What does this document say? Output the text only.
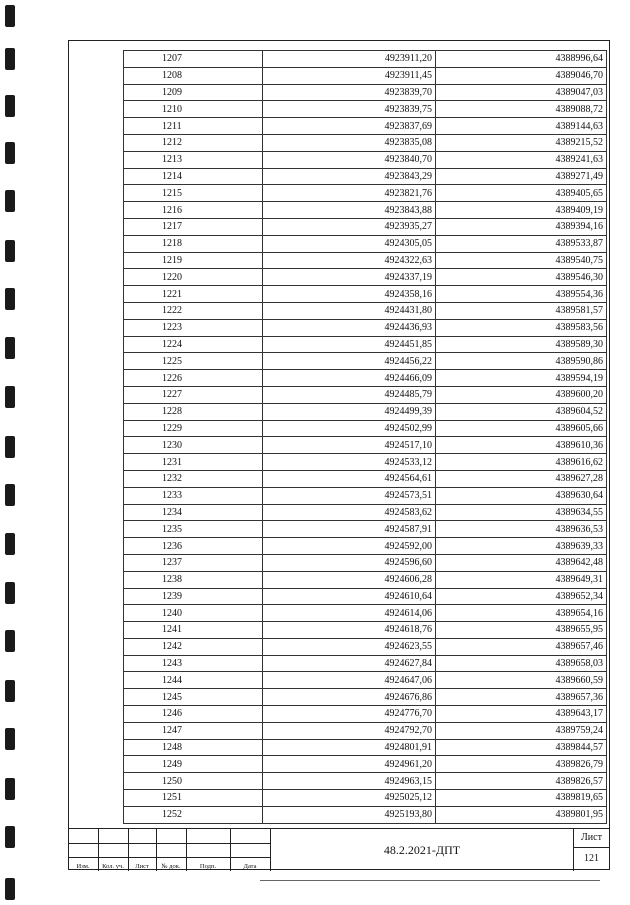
1207	4923911,20	4388996,64
1208	4923911,45	4389046,70
1209	4923839,70	4389047,03
1210	4923839,75	4389088,72
1211	4923837,69	4389144,63
1212	4923835,08	4389215,52
1213	4923840,70	4389241,63
1214	4923843,29	4389271,49
1215	4923821,76	4389405,65
1216	4923843,88	4389409,19
1217	4923935,27	4389394,16
1218	4924305,05	4389533,87
1219	4924322,63	4389540,75
1220	4924337,19	4389546,30
1221	4924358,16	4389554,36
1222	4924431,80	4389581,57
1223	4924436,93	4389583,56
1224	4924451,85	4389589,30
1225	4924456,22	4389590,86
1226	4924466,09	4389594,19
1227	4924485,79	4389600,20
1228	4924499,39	4389604,52
1229	4924502,99	4389605,66
1230	4924517,10	4389610,36
1231	4924533,12	4389616,62
1232	4924564,61	4389627,28
1233	4924573,51	4389630,64
1234	4924583,62	4389634,55
1235	4924587,91	4389636,53
1236	4924592,00	4389639,33
1237	4924596,60	4389642,48
1238	4924606,28	4389649,31
1239	4924610,64	4389652,34
1240	4924614,06	4389654,16
1241	4924618,76	4389655,95
1242	4924623,55	4389657,46
1243	4924627,84	4389658,03
1244	4924647,06	4389660,59
1245	4924676,86	4389657,36
1246	4924776,70	4389643,17
1247	4924792,70	4389759,24
1248	4924801,91	4389844,57
1249	4924961,20	4389826,79
1250	4924963,15	4389826,57
1251	4925025,12	4389819,65
1252	4925193,80	4389801,95
Изм.	Кол. уч.	Лист	№ док.	Подп.	Дата
48.2.2021-ДПТ
Лист
121
